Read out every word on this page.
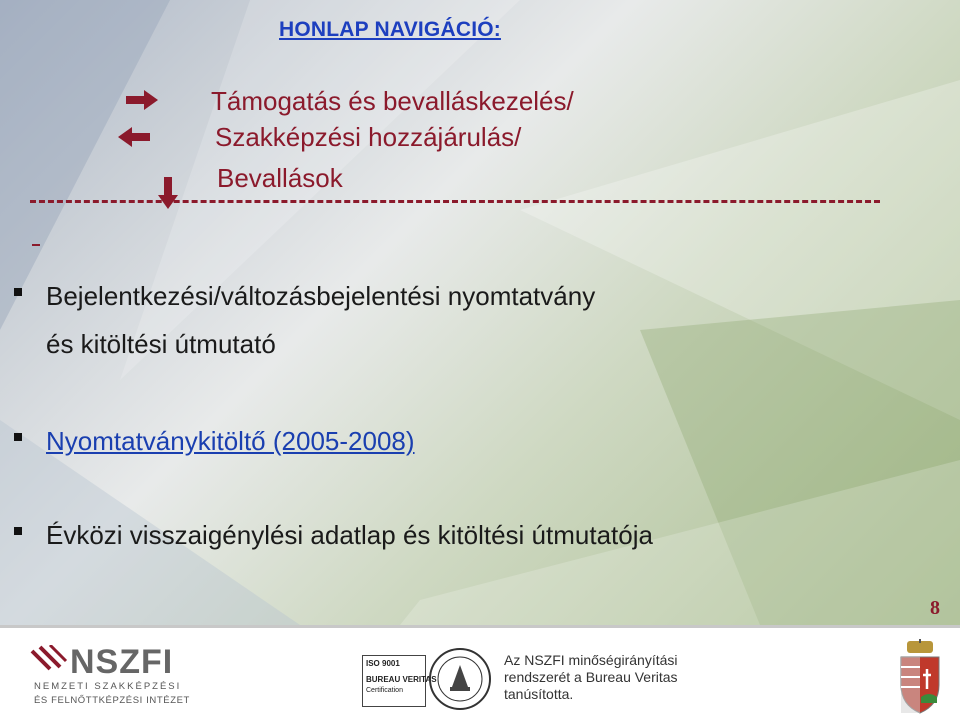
HONLAP NAVIGÁCIÓ:

Támogatás és bevalláskezelés/

Szakképzési hozzájárulás/

Bevallások

Bejelentkezési/változásbejelentési nyomtatvány

és kitöltési útmutató

Nyomtatványkitöltő (2005-2008)

Évközi visszaigénylési adatlap és kitöltési útmutatója

8
NSZFI
NEMZETI SZAKKÉPZÉSI
ÉS FELNŐTTKÉPZÉSI INTÉZET
ISO 9001
BUREAU VERITAS
Certification
Az NSZFI minőségirányítási
rendszerét a Bureau Veritas
tanúsította.
